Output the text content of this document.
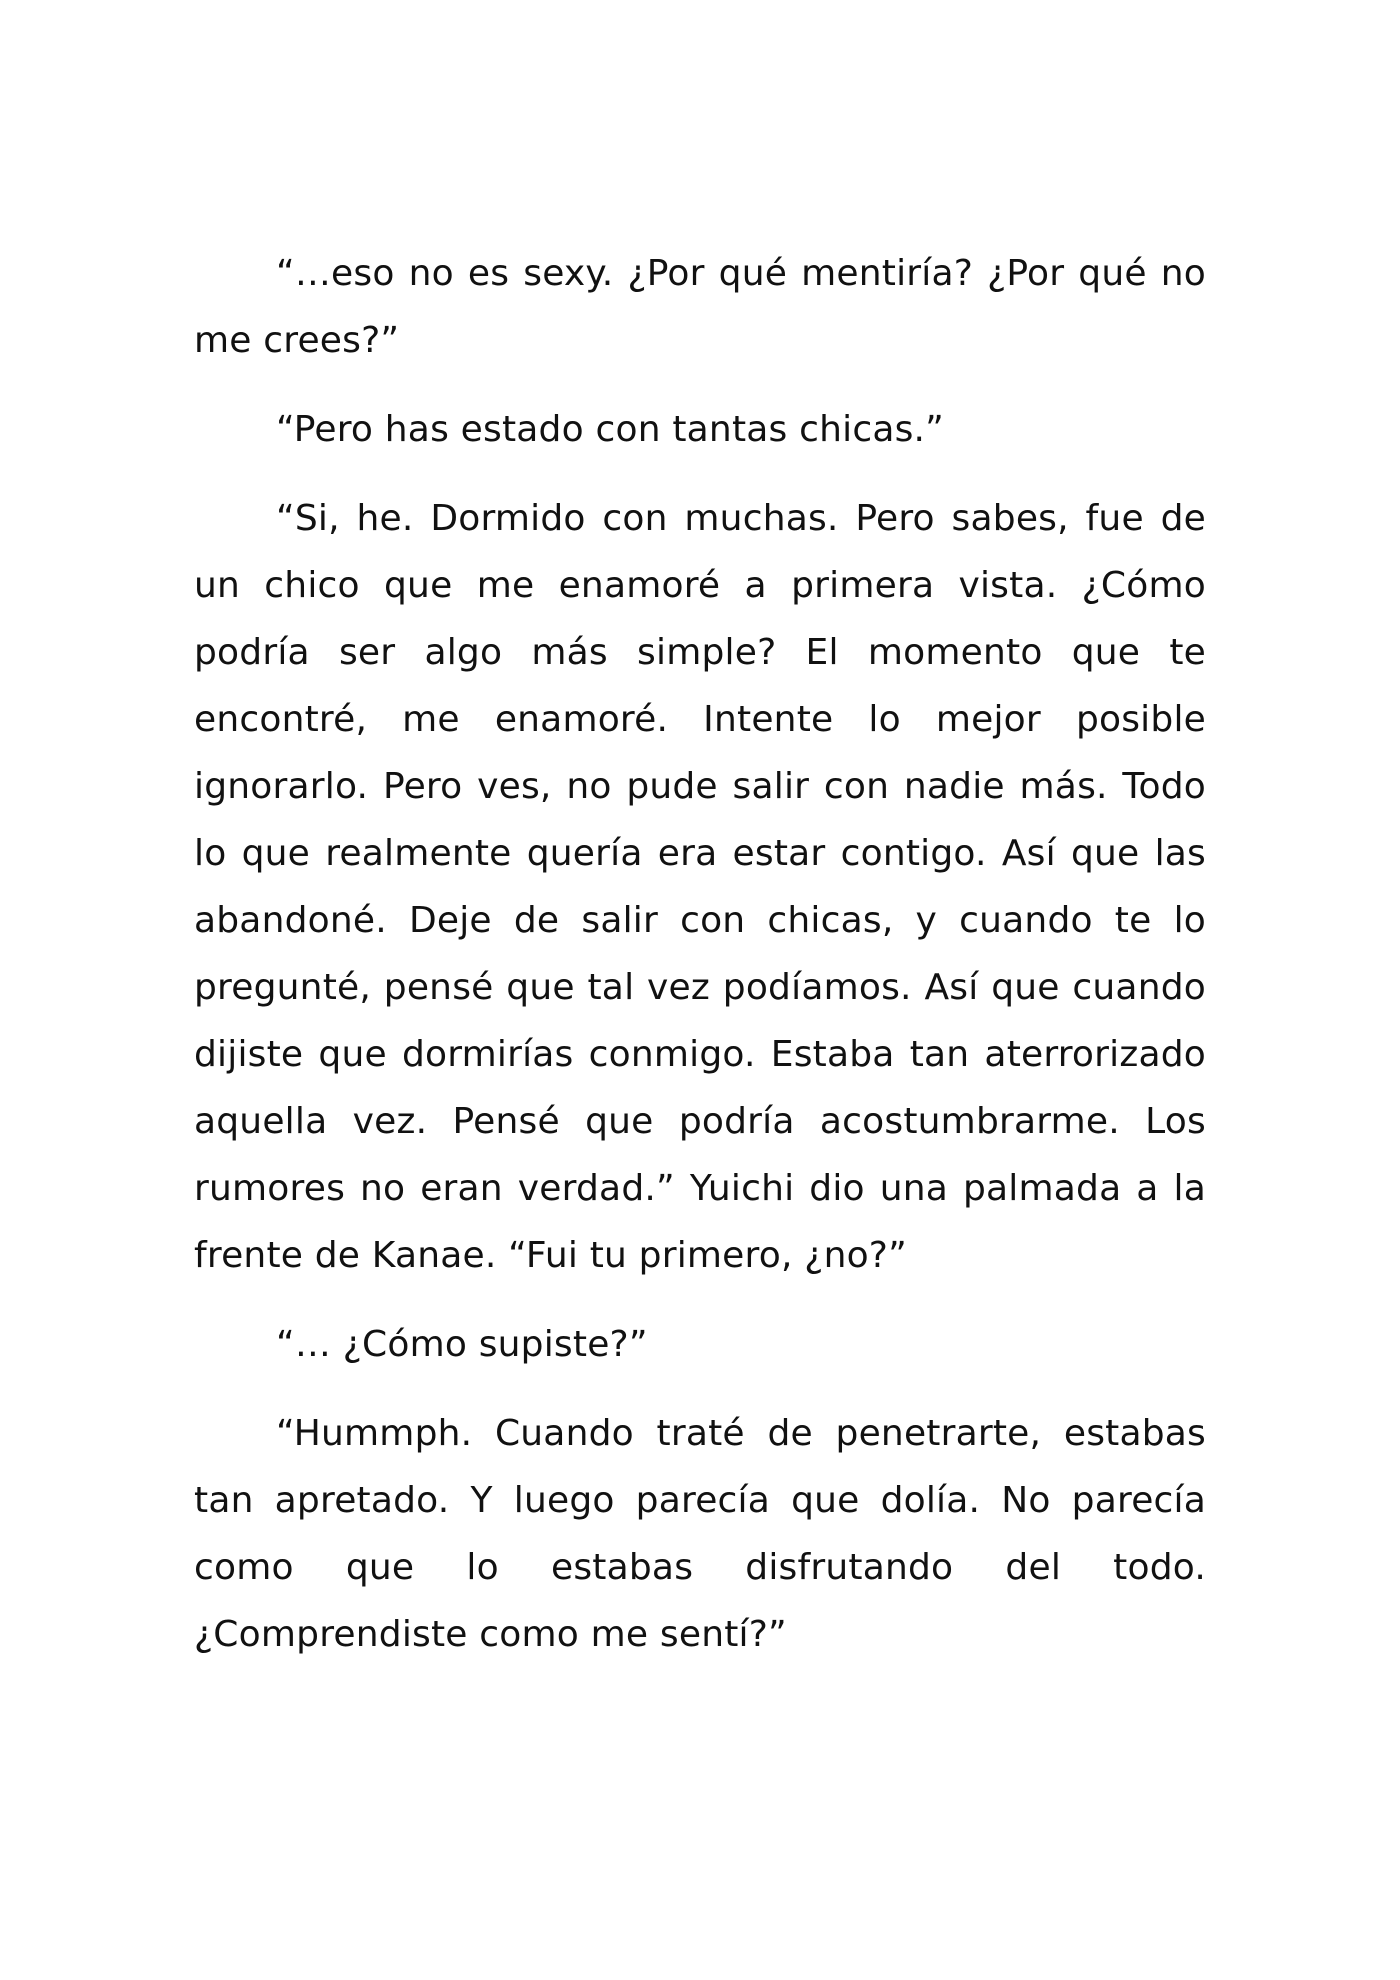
“…eso no es sexy. ¿Por qué mentiría? ¿Por qué no me crees?”

“Pero has estado con tantas chicas.”

“Si, he. Dormido con muchas. Pero sabes, fue de un chico que me enamoré a primera vista. ¿Cómo podría ser algo más simple? El momento que te encontré, me enamoré. Intente lo mejor posible ignorarlo. Pero ves, no pude salir con nadie más. Todo lo que realmente quería era estar contigo. Así que las abandoné. Deje de salir con chicas, y cuando te lo pregunté, pensé que tal vez podíamos. Así que cuando dijiste que dormirías conmigo. Estaba tan aterrorizado aquella vez. Pensé que podría acostumbrarme. Los rumores no eran verdad.” Yuichi dio una palmada a la frente de Kanae. “Fui tu primero, ¿no?”

“… ¿Cómo supiste?”

“Hummph. Cuando traté de penetrarte, estabas tan apretado. Y luego parecía que dolía. No parecía como que lo estabas disfrutando del todo. ¿Comprendiste como me sentí?”
